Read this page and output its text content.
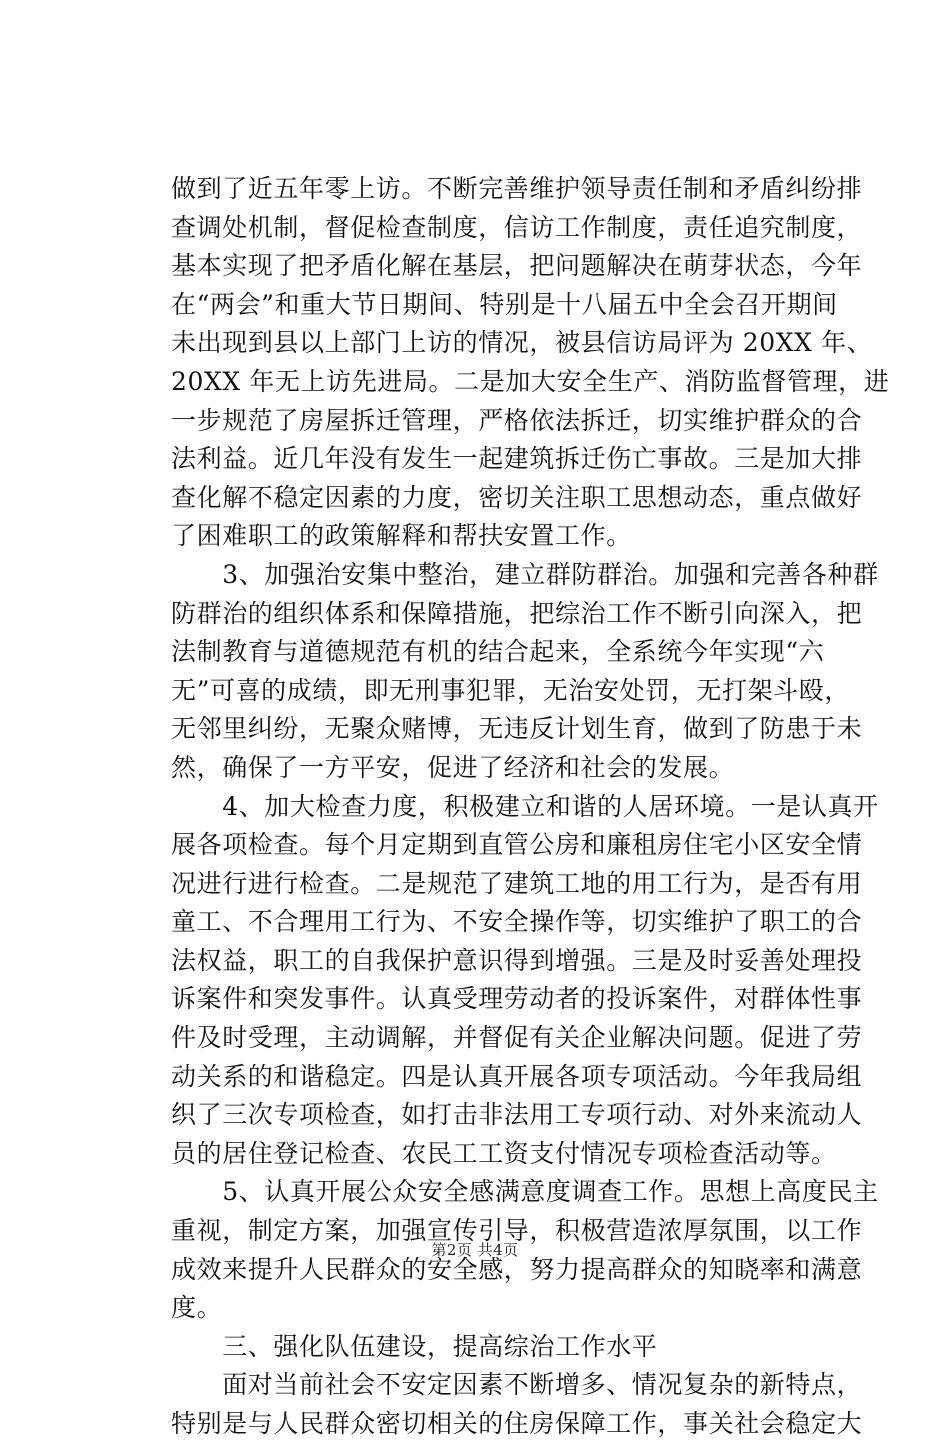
做到了近五年零上访。不断完善维护领导责任制和矛盾纠纷排
查调处机制，督促检查制度，信访工作制度，责任追究制度，
基本实现了把矛盾化解在基层，把问题解决在萌芽状态，今年
在“两会”和重大节日期间、特别是十八届五中全会召开期间
未出现到县以上部门上访的情况，被县信访局评为 20XX 年、
20XX 年无上访先进局。二是加大安全生产、消防监督管理，进
一步规范了房屋拆迁管理，严格依法拆迁，切实维护群众的合
法利益。近几年没有发生一起建筑拆迁伤亡事故。三是加大排
查化解不稳定因素的力度，密切关注职工思想动态，重点做好
了困难职工的政策解释和帮扶安置工作。
　　3、加强治安集中整治，建立群防群治。加强和完善各种群
防群治的组织体系和保障措施，把综治工作不断引向深入，把
法制教育与道德规范有机的结合起来，全系统今年实现“六
无”可喜的成绩，即无刑事犯罪，无治安处罚，无打架斗殴，
无邻里纠纷，无聚众赌博，无违反计划生育，做到了防患于未
然，确保了一方平安，促进了经济和社会的发展。
　　4、加大检查力度，积极建立和谐的人居环境。一是认真开
展各项检查。每个月定期到直管公房和廉租房住宅小区安全情
况进行进行检查。二是规范了建筑工地的用工行为，是否有用
童工、不合理用工行为、不安全操作等，切实维护了职工的合
法权益，职工的自我保护意识得到增强。三是及时妥善处理投
诉案件和突发事件。认真受理劳动者的投诉案件，对群体性事
件及时受理，主动调解，并督促有关企业解决问题。促进了劳
动关系的和谐稳定。四是认真开展各项专项活动。今年我局组
织了三次专项检查，如打击非法用工专项行动、对外来流动人
员的居住登记检查、农民工工资支付情况专项检查活动等。
　　5、认真开展公众安全感满意度调查工作。思想上高度民主
重视，制定方案，加强宣传引导，积极营造浓厚氛围，以工作
成效来提升人民群众的安全感，努力提高群众的知晓率和满意
度。
　　三、强化队伍建设，提高综治工作水平
　　面对当前社会不安定因素不断增多、情况复杂的新特点，
特别是与人民群众密切相关的住房保障工作，事关社会稳定大
第2页 共4页
